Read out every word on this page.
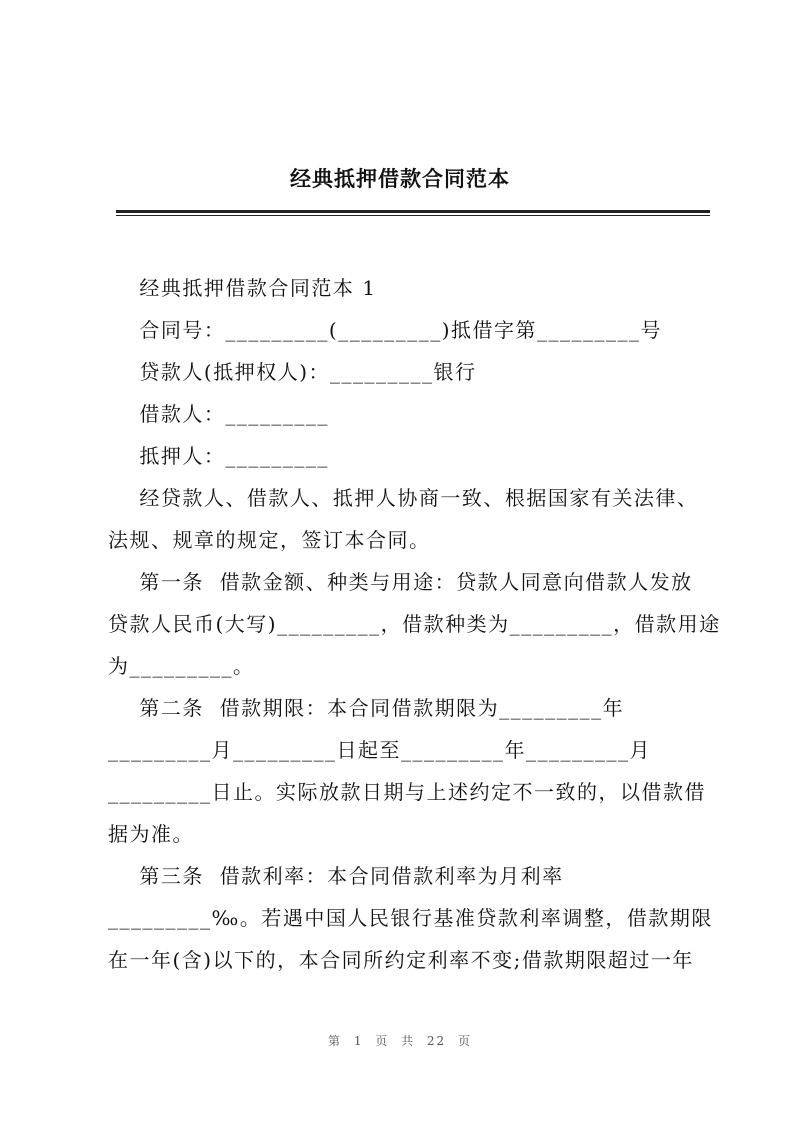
经典抵押借款合同范本
经典抵押借款合同范本 1
合同号：_________(_________)抵借字第_________号
贷款人(抵押权人)：_________银行
借款人：_________
抵押人：_________
经贷款人、借款人、抵押人协商一致、根据国家有关法律、
法规、规章的规定，签订本合同。
第一条  借款金额、种类与用途：贷款人同意向借款人发放
贷款人民币(大写)_________，借款种类为_________，借款用途
为_________。
第二条  借款期限：本合同借款期限为_________年
_________月_________日起至_________年_________月
_________日止。实际放款日期与上述约定不一致的，以借款借
据为准。
第三条  借款利率：本合同借款利率为月利率
_________‰。若遇中国人民银行基准贷款利率调整，借款期限
在一年(含)以下的，本合同所约定利率不变;借款期限超过一年
第 1 页 共 22 页
